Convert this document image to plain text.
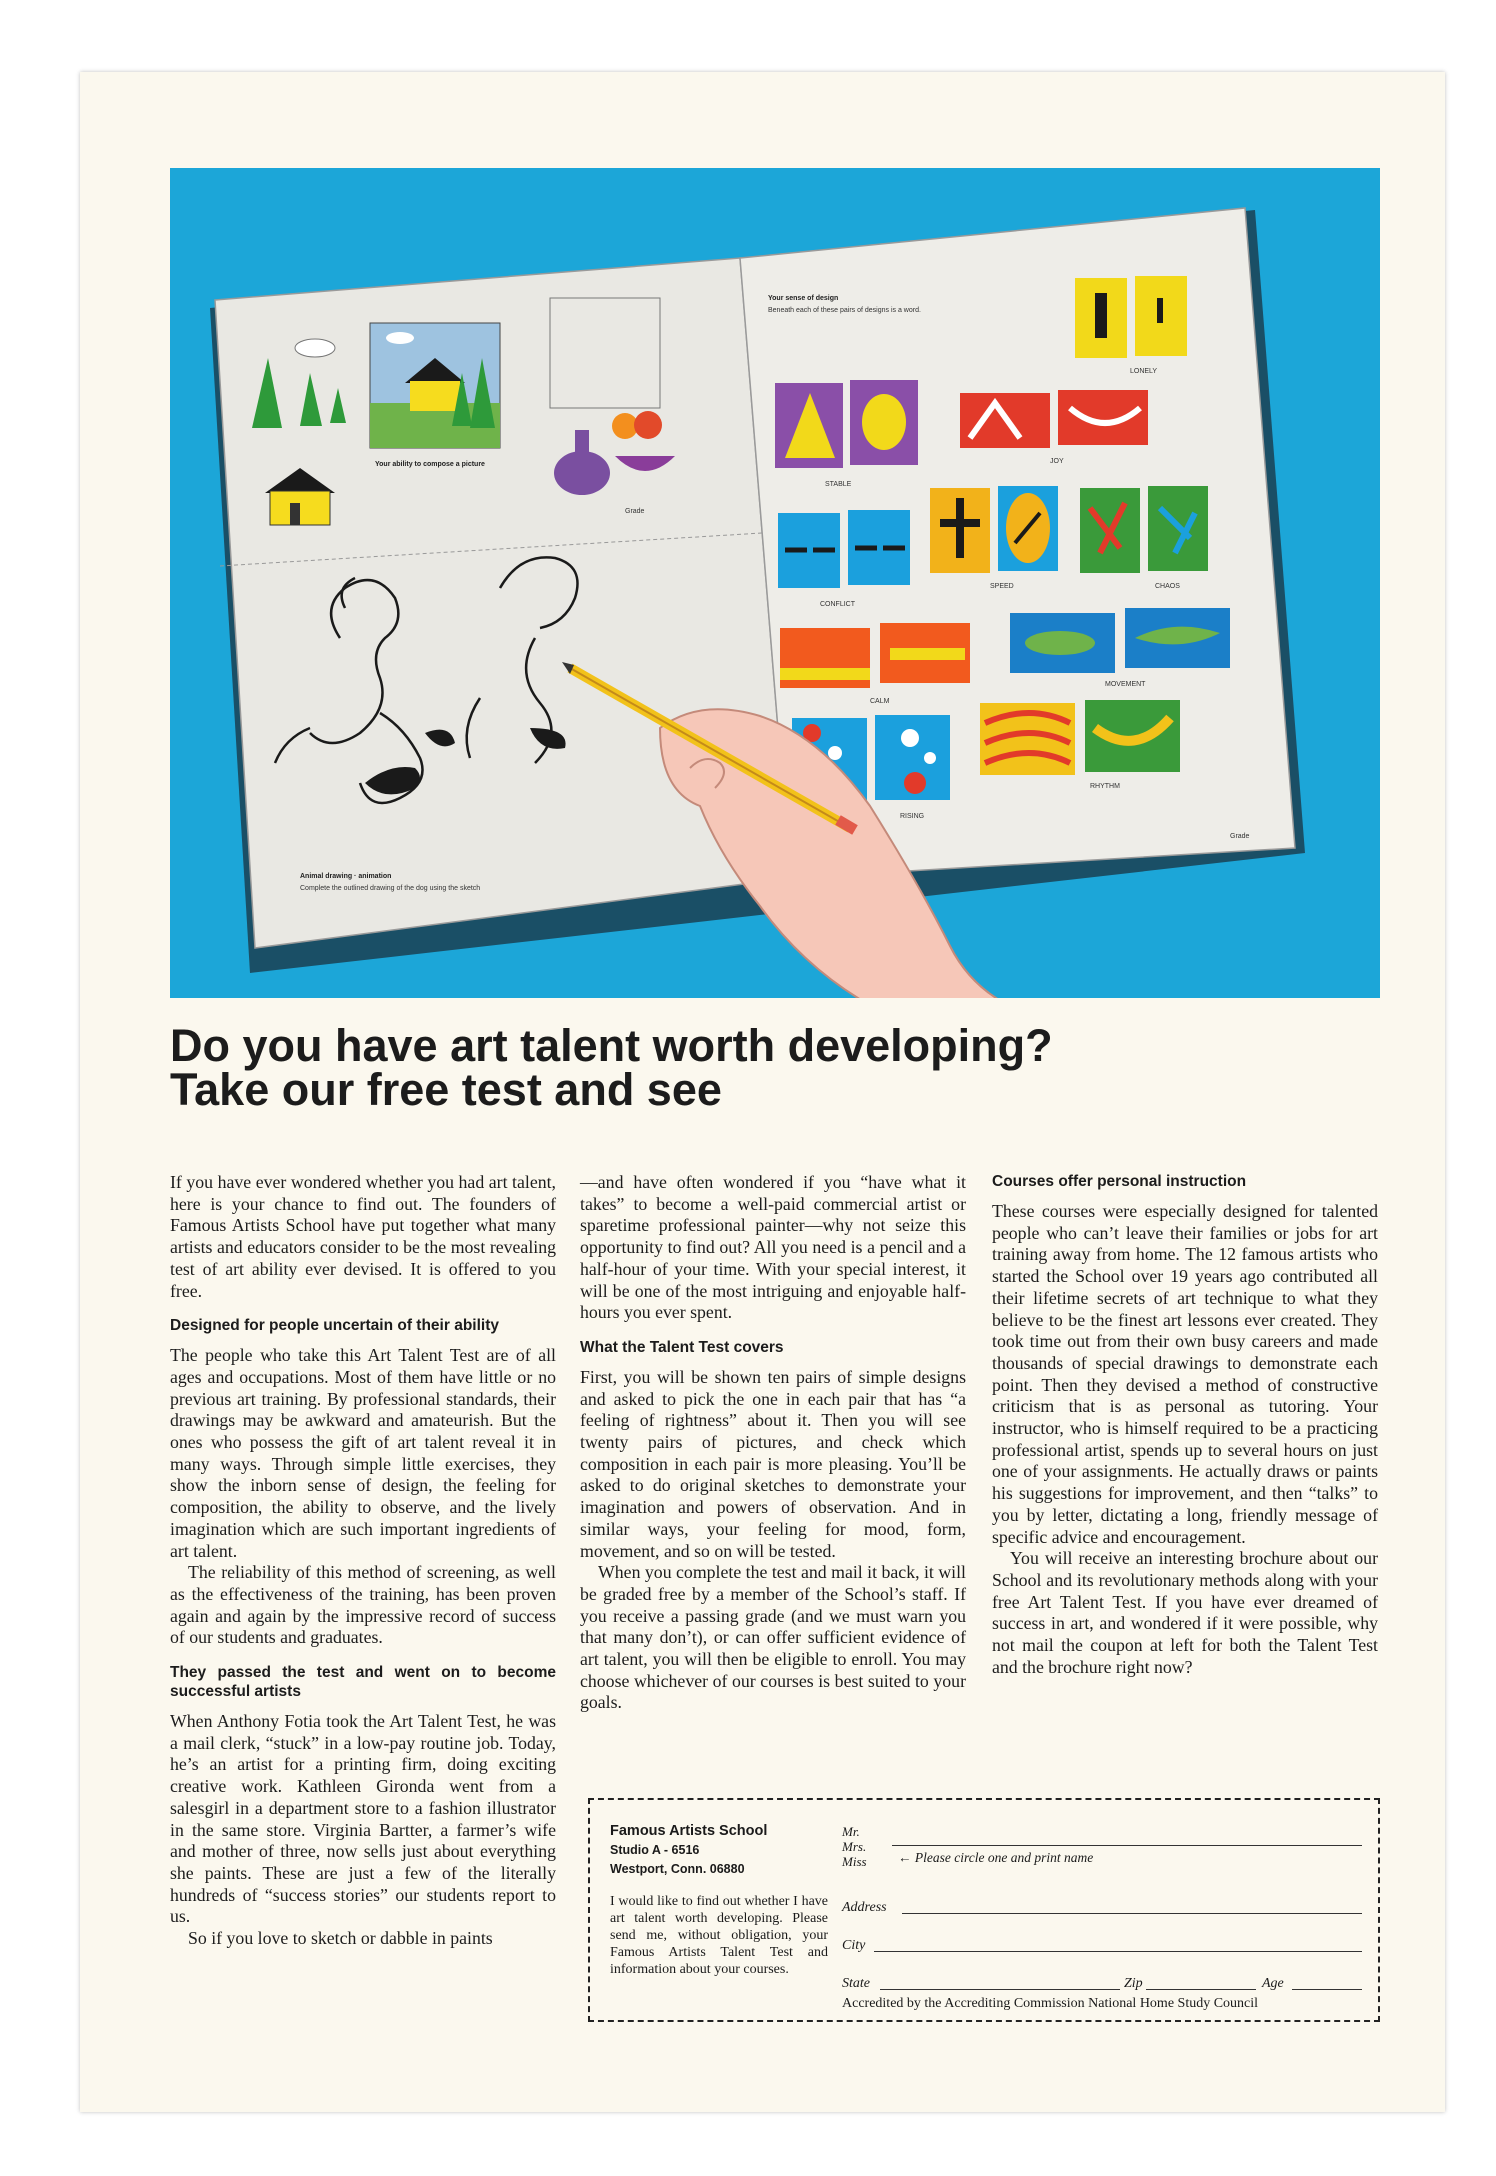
Your ability to compose a picture
Grade
Animal drawing · animation
Complete the outlined drawing of the dog using the sketch
Your sense of design
Beneath each of these pairs of designs is a word.
LONELY
STABLE
JOY
CONFLICT
SPEED	CHAOS
CALM
MOVEMENT
RISING
RHYTHM
Grade
Do you have art talent worth developing?
Take our free test and see

If you have ever wondered whether you had art talent, here is your chance to find out. The founders of Famous Artists School have put together what many artists and educators consider to be the most revealing test of art ability ever devised. It is offered to you free.

Designed for people uncertain of their ability

The people who take this Art Talent Test are of all ages and occupations. Most of them have little or no previous art training. By professional standards, their drawings may be awkward and amateurish. But the ones who possess the gift of art talent reveal it in many ways. Through simple little exercises, they show the inborn sense of design, the feeling for composition, the ability to observe, and the lively imagination which are such important ingredients of art talent.

The reliability of this method of screening, as well as the effectiveness of the training, has been proven again and again by the impressive record of success of our students and graduates.

They passed the test and went on to become successful artists

When Anthony Fotia took the Art Talent Test, he was a mail clerk, “stuck” in a low-pay routine job. Today, he’s an artist for a printing firm, doing exciting creative work. Kathleen Gironda went from a salesgirl in a department store to a fashion illustrator in the same store. Virginia Bartter, a farmer’s wife and mother of three, now sells just about everything she paints. These are just a few of the literally hundreds of “success stories” our students report to us.

So if you love to sketch or dabble in paints

—and have often wondered if you “have what it takes” to become a well-paid commercial artist or sparetime professional painter—why not seize this opportunity to find out? All you need is a pencil and a half-hour of your time. With your special interest, it will be one of the most intriguing and enjoyable half-hours you ever spent.

What the Talent Test covers

First, you will be shown ten pairs of simple designs and asked to pick the one in each pair that has “a feeling of rightness” about it. Then you will see twenty pairs of pictures, and check which composition in each pair is more pleasing. You’ll be asked to do original sketches to demonstrate your imagination and powers of observation. And in similar ways, your feeling for mood, form, movement, and so on will be tested.

When you complete the test and mail it back, it will be graded free by a member of the School’s staff. If you receive a passing grade (and we must warn you that many don’t), or can offer sufficient evidence of art talent, you will then be eligible to enroll. You may choose whichever of our courses is best suited to your goals.

Courses offer personal instruction

These courses were especially designed for talented people who can’t leave their families or jobs for art training away from home. The 12 famous artists who started the School over 19 years ago contributed all their lifetime secrets of art technique to what they believe to be the finest art lessons ever created. They took time out from their own busy careers and made thousands of special drawings to demonstrate each point. Then they devised a method of constructive criticism that is as personal as tutoring. Your instructor, who is himself required to be a practicing professional artist, spends up to several hours on just one of your assignments. He actually draws or paints his suggestions for improvement, and then “talks” to you by letter, dictating a long, friendly message of specific advice and encouragement.

You will receive an interesting brochure about our School and its revolutionary methods along with your free Art Talent Test. If you have ever dreamed of success in art, and wondered if it were possible, why not mail the coupon at left for both the Talent Test and the brochure right now?

Famous Artists School
Studio A - 6516
Westport, Conn. 06880
I would like to find out whether I have art talent worth developing. Please send me, without obligation, your Famous Artists Talent Test and information about your courses.
Mr.
Mrs.
Miss ← Please circle one and print name
Address
City
State	Zip	Age
Accredited by the Accrediting Commission National Home Study Council
